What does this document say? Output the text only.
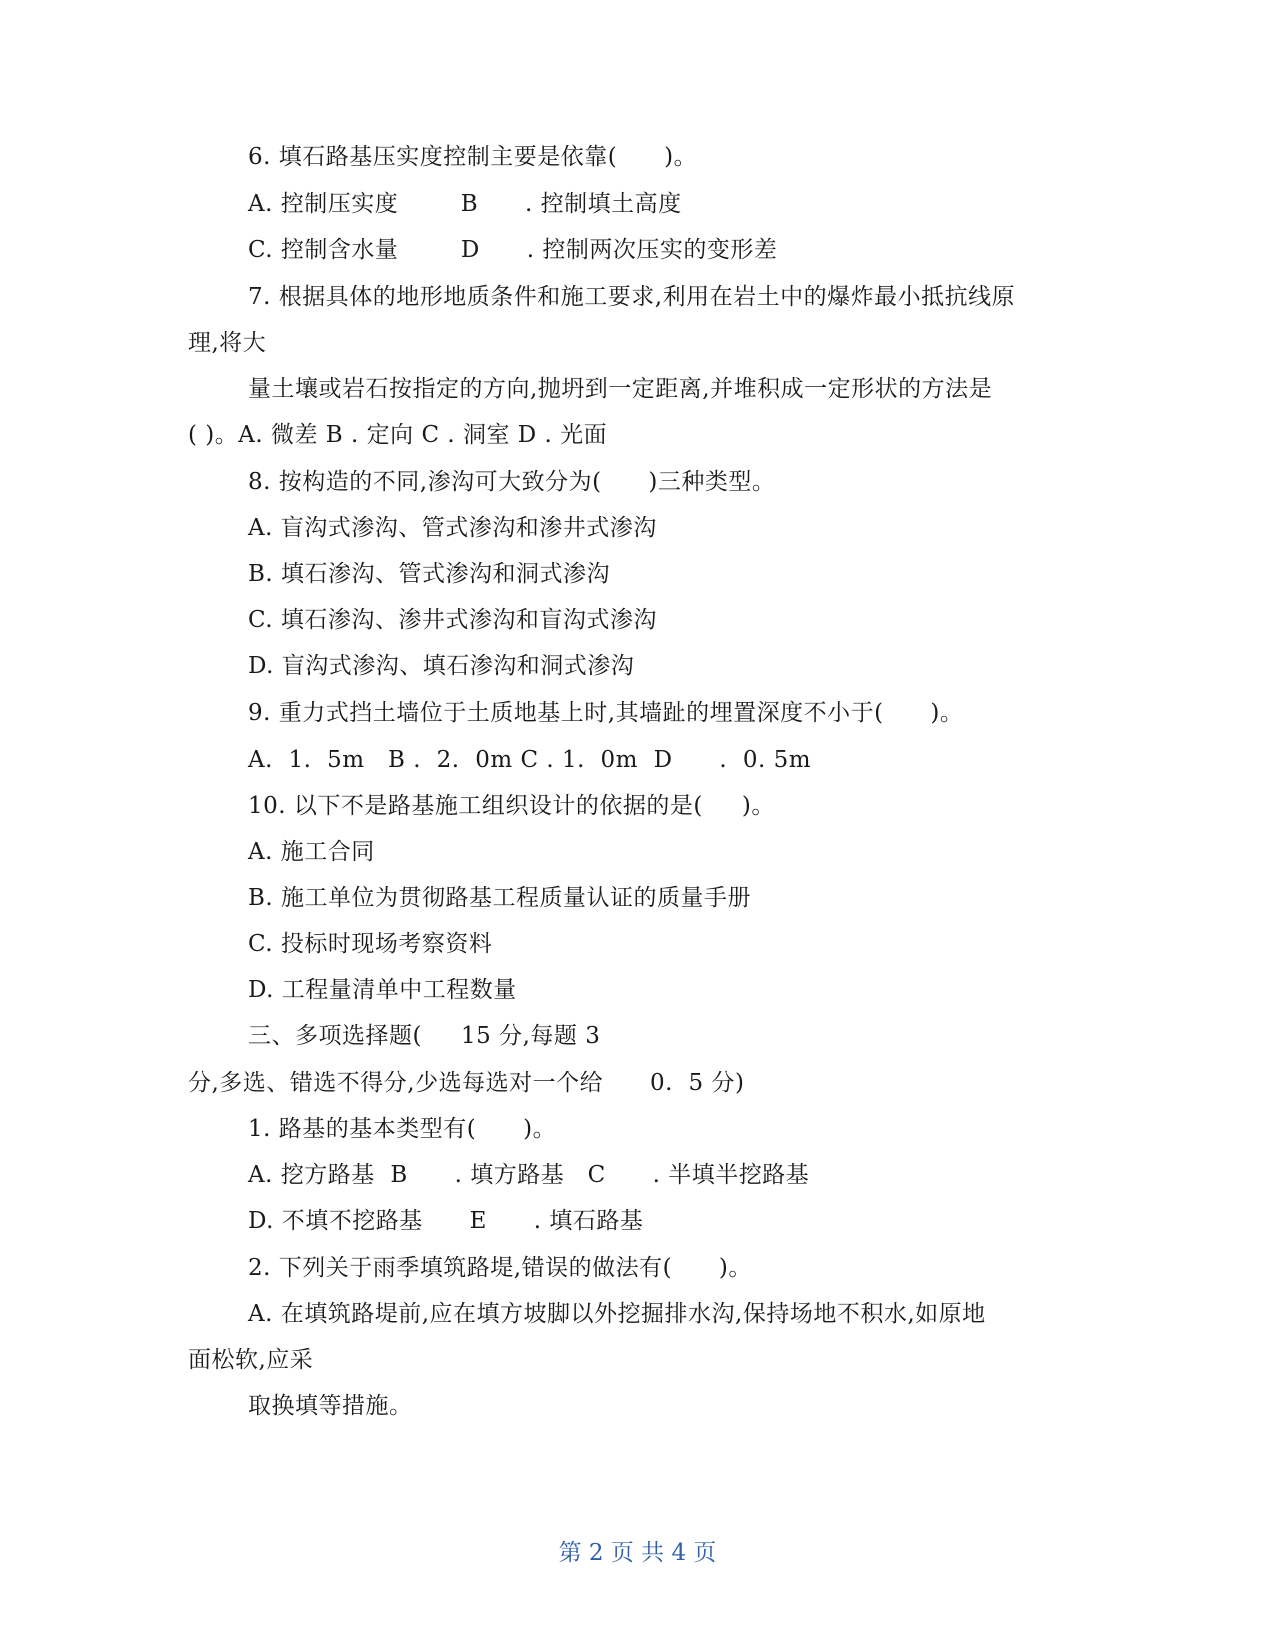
6. 填石路基压实度控制主要是依靠(      )。
A. 控制压实度        B      . 控制填土高度
C. 控制含水量        D      . 控制两次压实的变形差
7. 根据具体的地形地质条件和施工要求,利用在岩土中的爆炸最小抵抗线原
理,将大
量土壤或岩石按指定的方向,抛坍到一定距离,并堆积成一定形状的方法是
( )。A. 微差 B . 定向 C . 洞室 D . 光面
8. 按构造的不同,渗沟可大致分为(      )三种类型。
A. 盲沟式渗沟、管式渗沟和渗井式渗沟
B. 填石渗沟、管式渗沟和洞式渗沟
C. 填石渗沟、渗井式渗沟和盲沟式渗沟
D. 盲沟式渗沟、填石渗沟和洞式渗沟
9. 重力式挡土墙位于土质地基上时,其墙趾的埋置深度不小于(      )。
A.  1.  5m   B .  2.  0m C . 1.  0m  D      .  0. 5m
10. 以下不是路基施工组织设计的依据的是(     )。
A. 施工合同
B. 施工单位为贯彻路基工程质量认证的质量手册
C. 投标时现场考察资料
D. 工程量清单中工程数量
三、多项选择题(     15 分,每题 3
分,多选、错选不得分,少选每选对一个给      0.  5 分)
1. 路基的基本类型有(      )。
A. 挖方路基  B      . 填方路基   C      . 半填半挖路基
D. 不填不挖路基      E      . 填石路基
2. 下列关于雨季填筑路堤,错误的做法有(      )。
A. 在填筑路堤前,应在填方坡脚以外挖掘排水沟,保持场地不积水,如原地
面松软,应采
取换填等措施。
第 2 页 共 4 页
